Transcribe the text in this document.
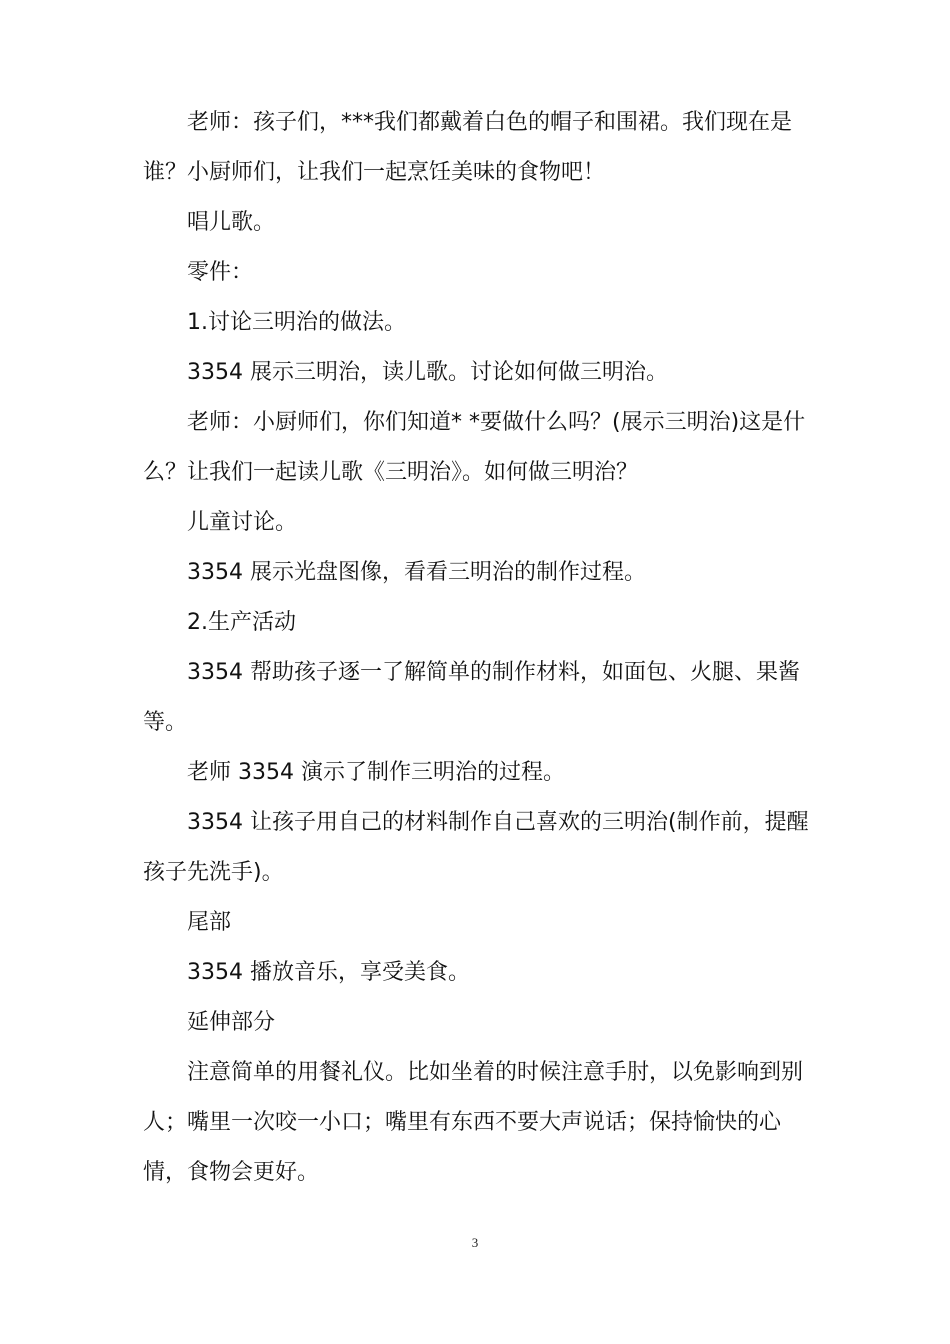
老师：孩子们，***我们都戴着白色的帽子和围裙。我们现在是谁？小厨师们，让我们一起烹饪美味的食物吧！

唱儿歌。

零件：

1.讨论三明治的做法。

3354 展示三明治，读儿歌。讨论如何做三明治。

老师：小厨师们，你们知道* *要做什么吗？(展示三明治)这是什么？让我们一起读儿歌《三明治》。如何做三明治？

儿童讨论。

3354 展示光盘图像，看看三明治的制作过程。

2.生产活动

3354 帮助孩子逐一了解简单的制作材料，如面包、火腿、果酱等。

老师 3354 演示了制作三明治的过程。

3354 让孩子用自己的材料制作自己喜欢的三明治(制作前，提醒孩子先洗手)。

尾部

3354 播放音乐，享受美食。

延伸部分

注意简单的用餐礼仪。比如坐着的时候注意手肘，以免影响到别人；嘴里一次咬一小口；嘴里有东西不要大声说话；保持愉快的心情，食物会更好。

3
